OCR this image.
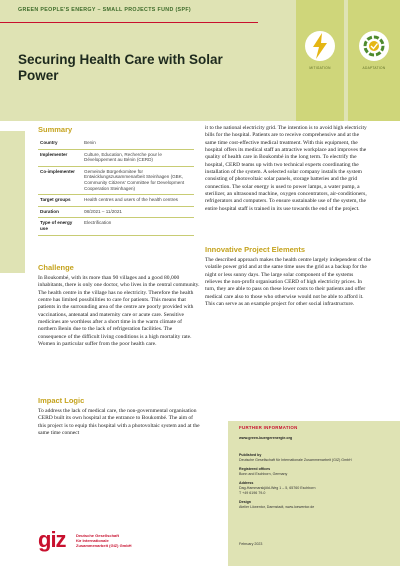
GREEN PEOPLE'S ENERGY – SMALL PROJECTS FUND (SPF)
Securing Health Care with Solar Power	MITIGATION	ADAPTATION
Summary
Country	Benin
Implementer	Culture, Education, Recherche pour le Développement au Bénin (CERD)
Co-implementer	Gemeinde Bürgerkomitee für Entwicklungszusammenarbeit Steinhagen (GBK, Community Citizens' Committee for Development Cooperation Steinhagen)
Target groups	Health centres and users of the health centres
Duration	08/2021 – 11/2021
Type of energy use	Electrification
Challenge

In Boukombé, with its more than 90 villages and a good 80,000 inhabitants, there is only one doctor, who lives in the central community. The health centre in the village has no electricity. Therefore the health centre has limited possibilities to care for patients. This means that patients in the surrounding area of the centre are poorly provided with vaccinations, antenatal and maternity care or acute care. Sensitive medicines are worthless after a short time in the warm climate of northern Benin due to the lack of refrigeration facilities. The consequence of the difficult living conditions is a high mortality rate. Women in particular suffer from the poor health care.

Impact Logic

To address the lack of medical care, the non-governmental organisation CERD built its own hospital at the entrance to Boukombé. The aim of this project is to equip this hospital with a photovoltaic system and at the same time connect

it to the national electricity grid. The intention is to avoid high electricity bills for the hospital. Patients are to receive comprehensive and at the same time cost-effective medical treatment. With this equipment, the hospital offers its medical staff an attractive workplace and improves the quality of health care in Boukombé in the long term. To electrify the hospital, CERD teams up with two technical experts coordinating the installation of the system. A selected solar company installs the system consisting of photovoltaic solar panels, storage batteries and the grid connection. The solar energy is used to power lamps, a water pump, a sterilizer, an ultrasound machine, oxygen concentrators, air-conditioners, refrigerators and computers. To ensure sustainable use of the system, the entire hospital staff is trained in its use towards the end of the project.

Innovative Project Elements

The described approach makes the health centre largely independent of the volatile power grid and at the same time uses the grid as a backup for the night or less sunny days. The large solar component of the systems relieves the non-profit organisation CERD of high electricity prices. In turn, they are able to pass on these lower costs to their patients and offer medical care also to those who otherwise would not be able to afford it. This can serve as an example project for other social infrastructure.

FURTHER INFORMATION

www.green-buergerenergie.org

Published by

Deutsche Gesellschaft für Internationale Zusammenarbeit (GIZ) GmbH

Registered offices

Bonn and Eschborn, Germany

Address

Dag-Hammarskjöld-Weg 1 – 5, 65760 Eschborn

T +49 6196 79-0

Design

Atelier Löwentor, Darmstadt, www.loewentor.de

February 2023

giz	Deutsche Gesellschaft
für Internationale
Zusammenarbeit (GIZ) GmbH
